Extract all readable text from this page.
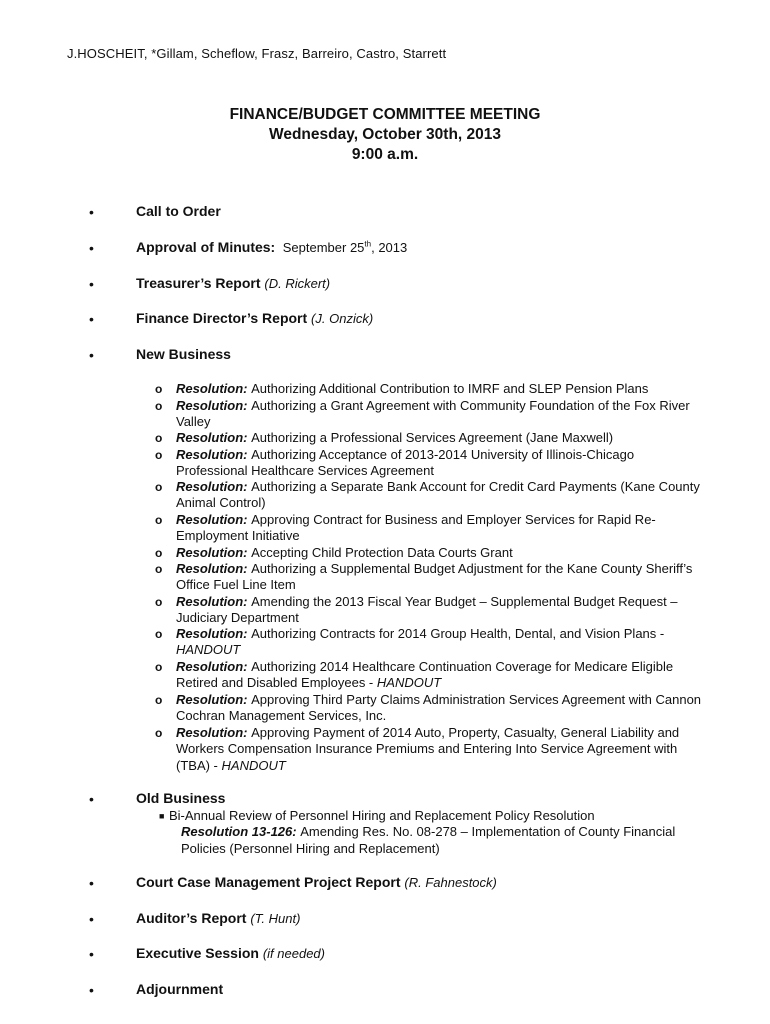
J.HOSCHEIT, *Gillam, Scheflow, Frasz, Barreiro, Castro, Starrett
FINANCE/BUDGET COMMITTEE MEETING
Wednesday, October 30th, 2013
9:00 a.m.
•
Call to Order
•
Approval of Minutes: September 25th, 2013
•
Treasurer’s Report (D. Rickert)
•
Finance Director’s Report (J. Onzick)
•
New Business
o
Resolution: Authorizing Additional Contribution to IMRF and SLEP Pension Plans
o
Resolution: Authorizing a Grant Agreement with Community Foundation of the Fox River Valley
o
Resolution: Authorizing a Professional Services Agreement (Jane Maxwell)
o
Resolution: Authorizing Acceptance of 2013-2014 University of Illinois-Chicago Professional Healthcare Services Agreement
o
Resolution: Authorizing a Separate Bank Account for Credit Card Payments (Kane County Animal Control)
o
Resolution: Approving Contract for Business and Employer Services for Rapid Re-Employment Initiative
o
Resolution: Accepting Child Protection Data Courts Grant
o
Resolution: Authorizing a Supplemental Budget Adjustment for the Kane County Sheriff’s Office Fuel Line Item
o
Resolution: Amending the 2013 Fiscal Year Budget – Supplemental Budget Request – Judiciary Department
o
Resolution: Authorizing Contracts for 2014 Group Health, Dental, and Vision Plans - HANDOUT
o
Resolution: Authorizing 2014 Healthcare Continuation Coverage for Medicare Eligible Retired and Disabled Employees - HANDOUT
o
Resolution: Approving Third Party Claims Administration Services Agreement with Cannon Cochran Management Services, Inc.
o
Resolution: Approving Payment of 2014 Auto, Property, Casualty, General Liability and Workers Compensation Insurance Premiums and Entering Into Service Agreement with (TBA) - HANDOUT
•
Old Business
■ Bi-Annual Review of Personnel Hiring and Replacement Policy Resolution
Resolution 13-126: Amending Res. No. 08-278 – Implementation of County Financial Policies (Personnel Hiring and Replacement)
•
Court Case Management Project Report (R. Fahnestock)
•
Auditor’s Report (T. Hunt)
•
Executive Session (if needed)
•
Adjournment
